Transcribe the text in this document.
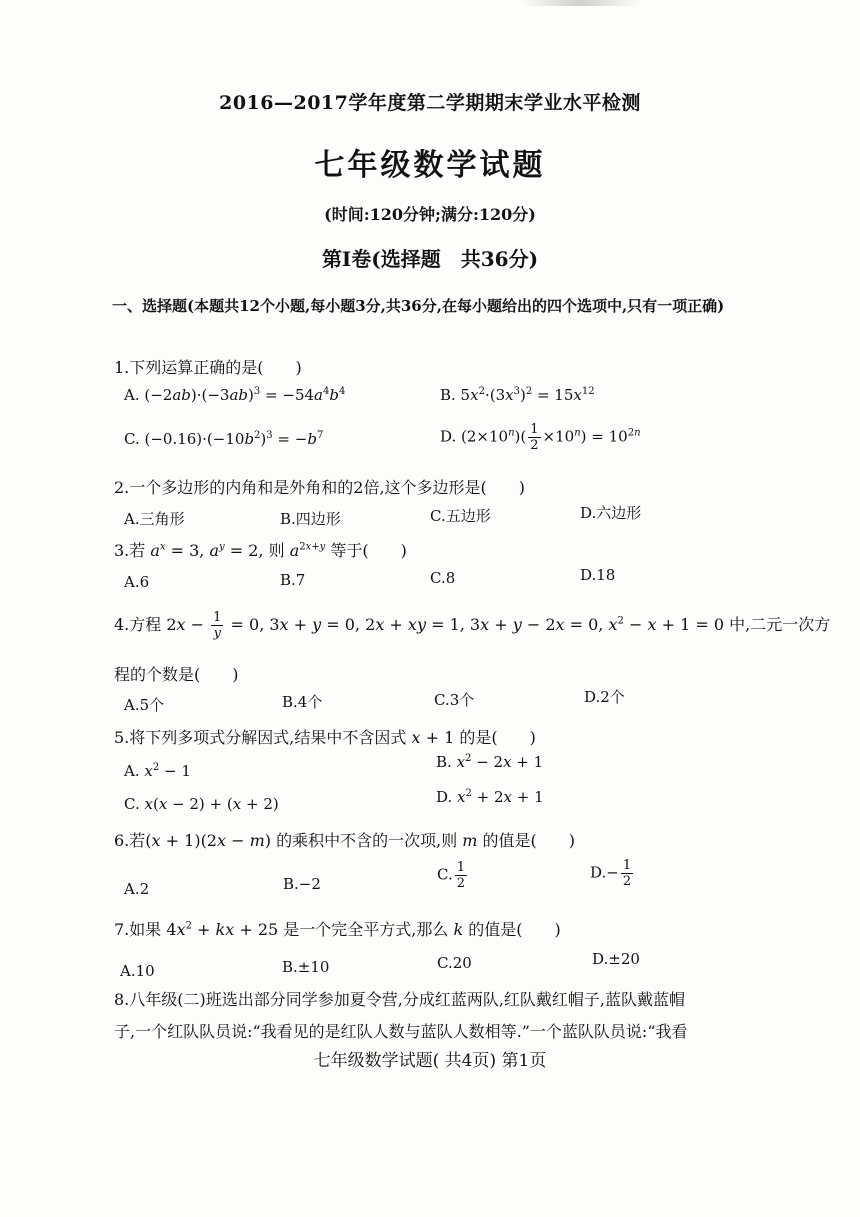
2016—2017学年度第二学期期末学业水平检测
七年级数学试题
(时间:120分钟;满分:120分)
第Ⅰ卷(选择题　共36分)
一、选择题(本题共12个小题,每小题3分,共36分,在每小题给出的四个选项中,只有一项正确)
1.下列运算正确的是(　　)
A. $(-2ab)\cdot(-3ab)^3 = -54a^4b^4$	B. $5x^2\cdot(3x^3)^2 = 15x^{12}$
C. $(-0.16)\cdot(-10b^2)^3 = -b^7$	D. $(2\times 10^n)( \frac{1}{2} \times 10^n) = 10^{2n}$
2.一个多边形的内角和是外角和的2倍,这个多边形是(　　)
A.三角形	B.四边形	C.五边形	D.六边形
3.若 $a^x = 3$, $a^y = 2$, 则 $a^{2x+y}$ 等于(　　)
A.6	B.7	C.8	D.18
4.方程 $2x - \frac{1}{y} = 0$, 3x + y = 0, 2x + xy = 1, 3x + y − 2x = 0, $x^2 - x + 1 = 0$ 中,二元一次方
程的个数是(　　)
A.5个	B.4个	C.3个	D.2个
5.将下列多项式分解因式,结果中不含因式 x + 1 的是(　　)
A. $x^2 - 1$	B. $x^2 - 2x + 1$
C. x(x − 2) + (x + 2)	D. $x^2 + 2x + 1$
6.若(x + 1)(2x − m) 的乘积中不含的一次项,则 m 的值是(　　)
A.2	B.−2
C. $\frac{1}{2}$	$D.- \frac{1}{2}$
7.如果 $4x^2$ + kx + 25 是一个完全平方式,那么 k 的值是(　　)
A.10	B.±10	C.20	D.±20
8.八年级(二)班选出部分同学参加夏令营,分成红蓝两队,红队戴红帽子,蓝队戴蓝帽
子,一个红队队员说:“我看见的是红队人数与蓝队人数相等.”一个蓝队队员说:“我看
七年级数学试题( 共4页) 第1页
